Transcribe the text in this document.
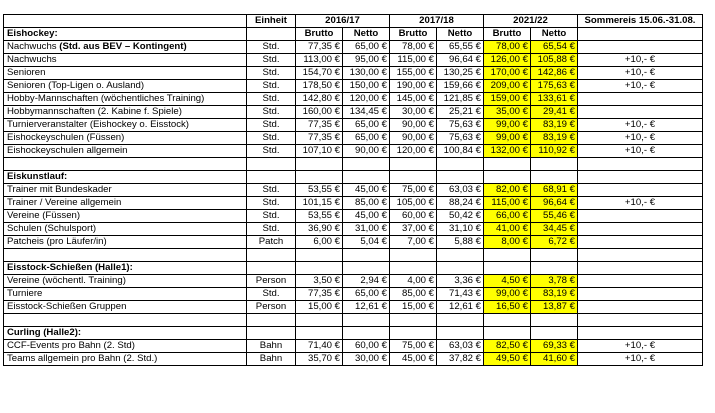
	Einheit	2016/17		2017/18		2021/22		Sommereis 15.06.-31.08.
Eishockey:		Brutto	Netto	Brutto	Netto	Brutto	Netto	
Nachwuchs (Std. aus BEV – Kontingent)	Std.	77,35 €	65,00 €	78,00 €	65,55 €	78,00 €	65,54 €	
Nachwuchs	Std.	113,00 €	95,00 €	115,00 €	96,64 €	126,00 €	105,88 €	+10,- €
Senioren	Std.	154,70 €	130,00 €	155,00 €	130,25 €	170,00 €	142,86 €	+10,- €
Senioren (Top-Ligen o. Ausland)	Std.	178,50 €	150,00 €	190,00 €	159,66 €	209,00 €	175,63 €	+10,- €
Hobby-Mannschaften (wöchentliches Training)	Std.	142,80 €	120,00 €	145,00 €	121,85 €	159,00 €	133,61 €	
Hobbymannschaften (2. Kabine f. Spiele)	Std.	160,00 €	134,45 €	30,00 €	25,21 €	35,00 €	29,41 €	
Turnierveranstalter (Eishockey o. Eisstock)	Std.	77,35 €	65,00 €	90,00 €	75,63 €	99,00 €	83,19 €	+10,- €
Eishockeyschulen (Füssen)	Std.	77,35 €	65,00 €	90,00 €	75,63 €	99,00 €	83,19 €	+10,- €
Eishockeyschulen allgemein	Std.	107,10 €	90,00 €	120,00 €	100,84 €	132,00 €	110,92 €	+10,- €

Eiskunstlauf:								
Trainer mit Bundeskader	Std.	53,55 €	45,00 €	75,00 €	63,03 €	82,00 €	68,91 €	
Trainer / Vereine allgemein	Std.	101,15 €	85,00 €	105,00 €	88,24 €	115,00 €	96,64 €	+10,- €
Vereine (Füssen)	Std.	53,55 €	45,00 €	60,00 €	50,42 €	66,00 €	55,46 €	
Schulen (Schulsport)	Std.	36,90 €	31,00 €	37,00 €	31,10 €	41,00 €	34,45 €	
Patcheis (pro Läufer/in)	Patch	6,00 €	5,04 €	7,00 €	5,88 €	8,00 €	6,72 €	

Eisstock-Schießen (Halle1):								
Vereine (wöchentl. Training)	Person	3,50 €	2,94 €	4,00 €	3,36 €	4,50 €	3,78 €	
Turniere	Std.	77,35 €	65,00 €	85,00 €	71,43 €	99,00 €	83,19 €	
Eisstock-Schießen Gruppen	Person	15,00 €	12,61 €	15,00 €	12,61 €	16,50 €	13,87 €	

Curling (Halle2):								
CCF-Events pro Bahn (2. Std)	Bahn	71,40 €	60,00 €	75,00 €	63,03 €	82,50 €	69,33 €	+10,- €
Teams allgemein pro Bahn (2. Std.)	Bahn	35,70 €	30,00 €	45,00 €	37,82 €	49,50 €	41,60 €	+10,- €
